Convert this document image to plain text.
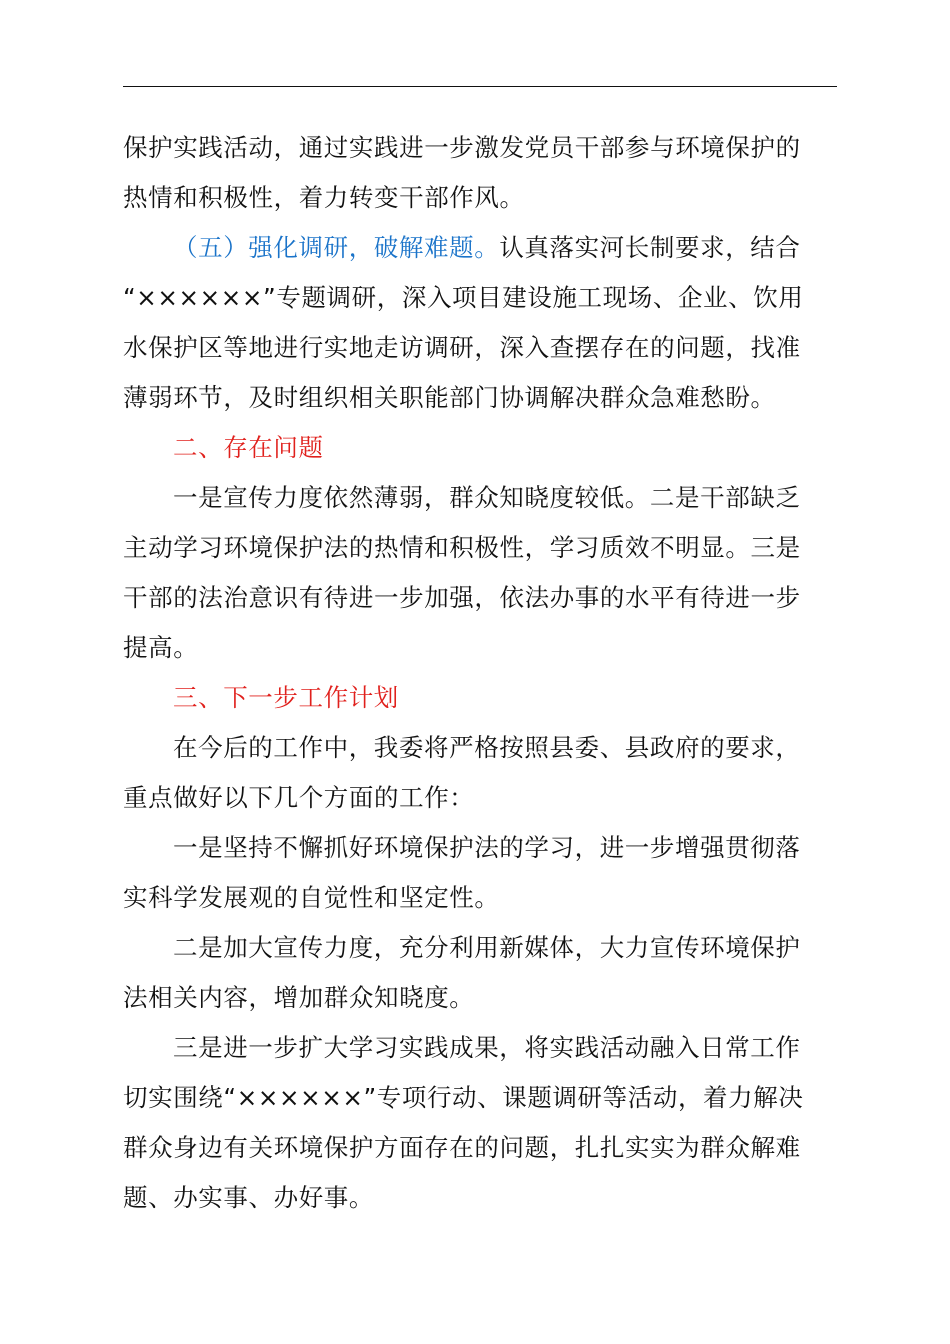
保护实践活动，通过实践进一步激发党员干部参与环境保护的
热情和积极性，着力转变干部作风。

（五）强化调研，破解难题。认真落实河长制要求，结合
“××××××”专题调研，深入项目建设施工现场、企业、饮用
水保护区等地进行实地走访调研，深入查摆存在的问题，找准
薄弱环节，及时组织相关职能部门协调解决群众急难愁盼。

二、存在问题

一是宣传力度依然薄弱，群众知晓度较低。二是干部缺乏
主动学习环境保护法的热情和积极性，学习质效不明显。三是
干部的法治意识有待进一步加强，依法办事的水平有待进一步
提高。

三、下一步工作计划

在今后的工作中，我委将严格按照县委、县政府的要求，
重点做好以下几个方面的工作：

一是坚持不懈抓好环境保护法的学习，进一步增强贯彻落
实科学发展观的自觉性和坚定性。

二是加大宣传力度，充分利用新媒体，大力宣传环境保护
法相关内容，增加群众知晓度。

三是进一步扩大学习实践成果，将实践活动融入日常工作
切实围绕“××××××”专项行动、课题调研等活动，着力解决
群众身边有关环境保护方面存在的问题，扎扎实实为群众解难
题、办实事、办好事。
